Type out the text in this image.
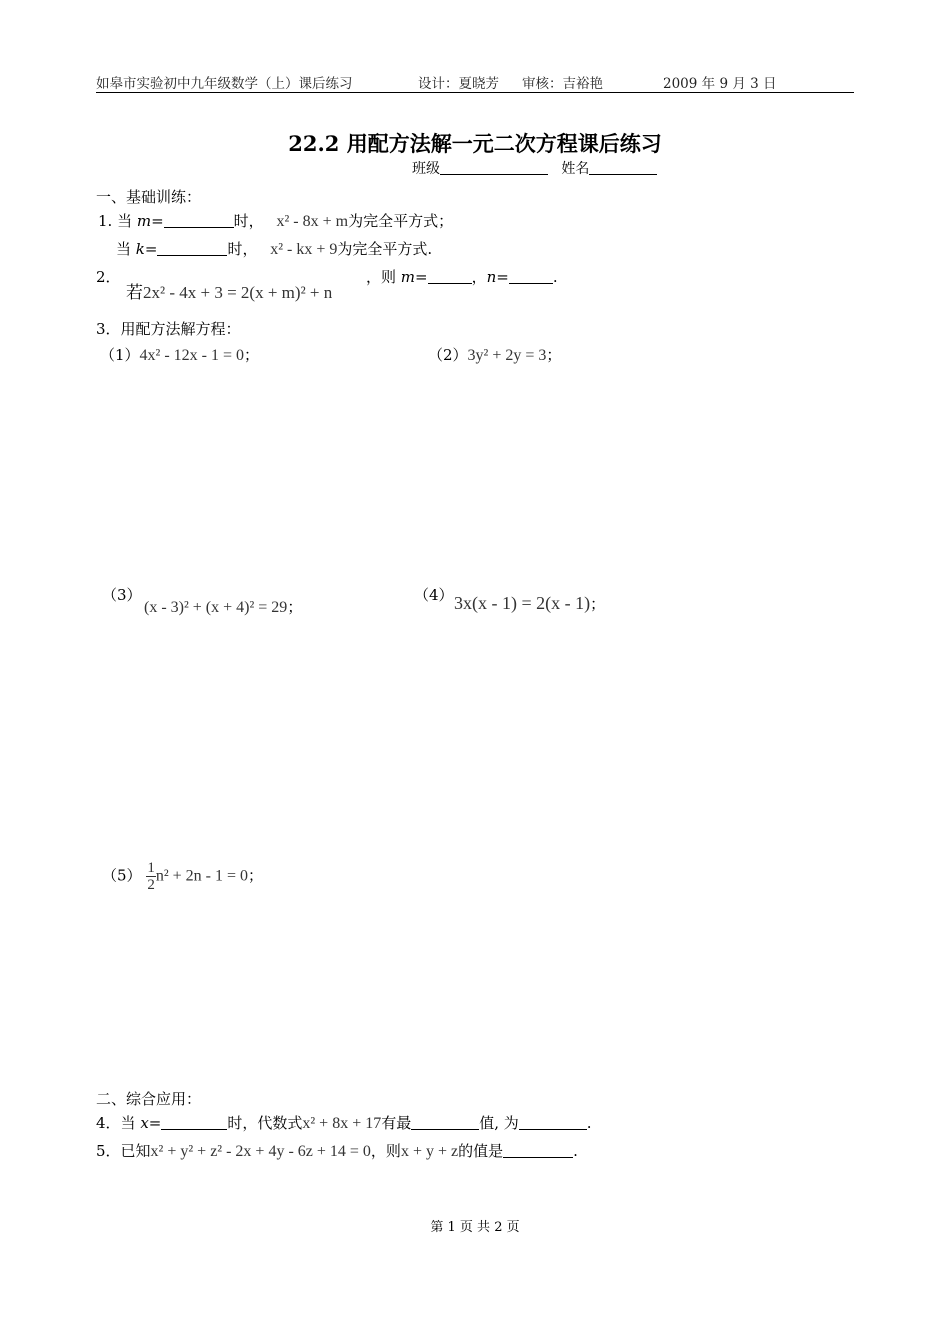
如皋市实验初中九年级数学（上）课后练习	设计：夏晓芳 审核：吉裕艳	2009 年 9 月 3 日
22.2 用配方法解一元二次方程课后练习
班级	姓名
一、基础训练：
1. 当 m=	时， x² - 8x + m为完全平方式；
当 k=	时， x² - kx + 9为完全平方式.
2．
若2x² - 4x + 3 = 2(x + m)² + n
，则 m=	，n=	.
3．用配方法解方程：
（1）4x² - 12x - 1 = 0；	（2）3y² + 2y = 3；
（3）
(x - 3)² + (x + 4)² = 29；
（4） 3x(x - 1) = 2(x - 1)；
$(5) \frac{1}{2} n^2 + 2n - 1 = 0$；
二、综合应用：
4．当 x=	时，代数式x² + 8x + 17有最	值, 为	.
5．已知x² + y² + z² - 2x + 4y - 6z + 14 = 0，则x + y + z的值是	.
第 1 页 共 2 页
